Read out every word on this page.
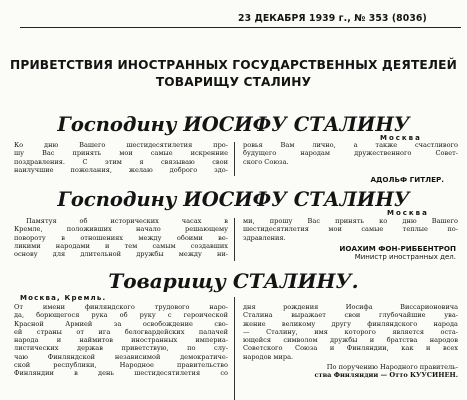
23 ДЕКАБРЯ 1939 г., № 353 (8036)
ПРИВЕТСТВИЯ ИНОСТРАННЫХ ГОСУДАРСТВЕННЫХ ДЕЯТЕЛЕЙ
ТОВАРИЩУ СТАЛИНУ
Господину ИОСИФУ СТАЛИНУ
Москва
Ко дню Вашего шестидесятилетия про-
шу Вас принять мои самые искренние
поздравления. С этим я связываю свои
наилучшие пожелания, желаю доброго здо-
ровья Вам лично, а также счастливого
будущего народам дружественного Совет-
ского Союза.
АДОЛЬФ ГИТЛЕР.
Господину ИОСИФУ СТАЛИНУ
Москва
Памятуя об исторических часах в
Кремле, положивших начало решающему
повороту в отношениях между обоими ве-
ликими народами и тем самым создавших
основу для длительной дружбы между ни-
ми, прошу Вас принять ко дню Вашего
шестидесятилетия мои самые теплые по-
здравления.
ИОАХИМ ФОН-РИББЕНТРОП
Министр иностранных дел.
Товарищу СТАЛИНУ.
Москва, Кремль.
От имени финляндского трудового наро-
да, борющегося рука об руку с героической
Красной Армией за освобождение сво-
ей страны от ига белогвардейских палачей
народа и наймитов иностранных империа-
листических держав приветствую, по слу-
чаю Финляндской независимой демократиче-
ской республики, Народное правительство
Финляндии в день шестидесятилетия со
дня рождения Иосифа Виссарионовича
Сталина выражает свои глубочайшие ува-
жение великому другу финляндского народа
— Сталину, имя которого является оста-
ющейся символом дружбы и братства народов
Советского Союза и Финляндии, как и всех
народов мира.
По поручению Народного правитель-
ства Финляндии — Отто КУУСИНЕН.
